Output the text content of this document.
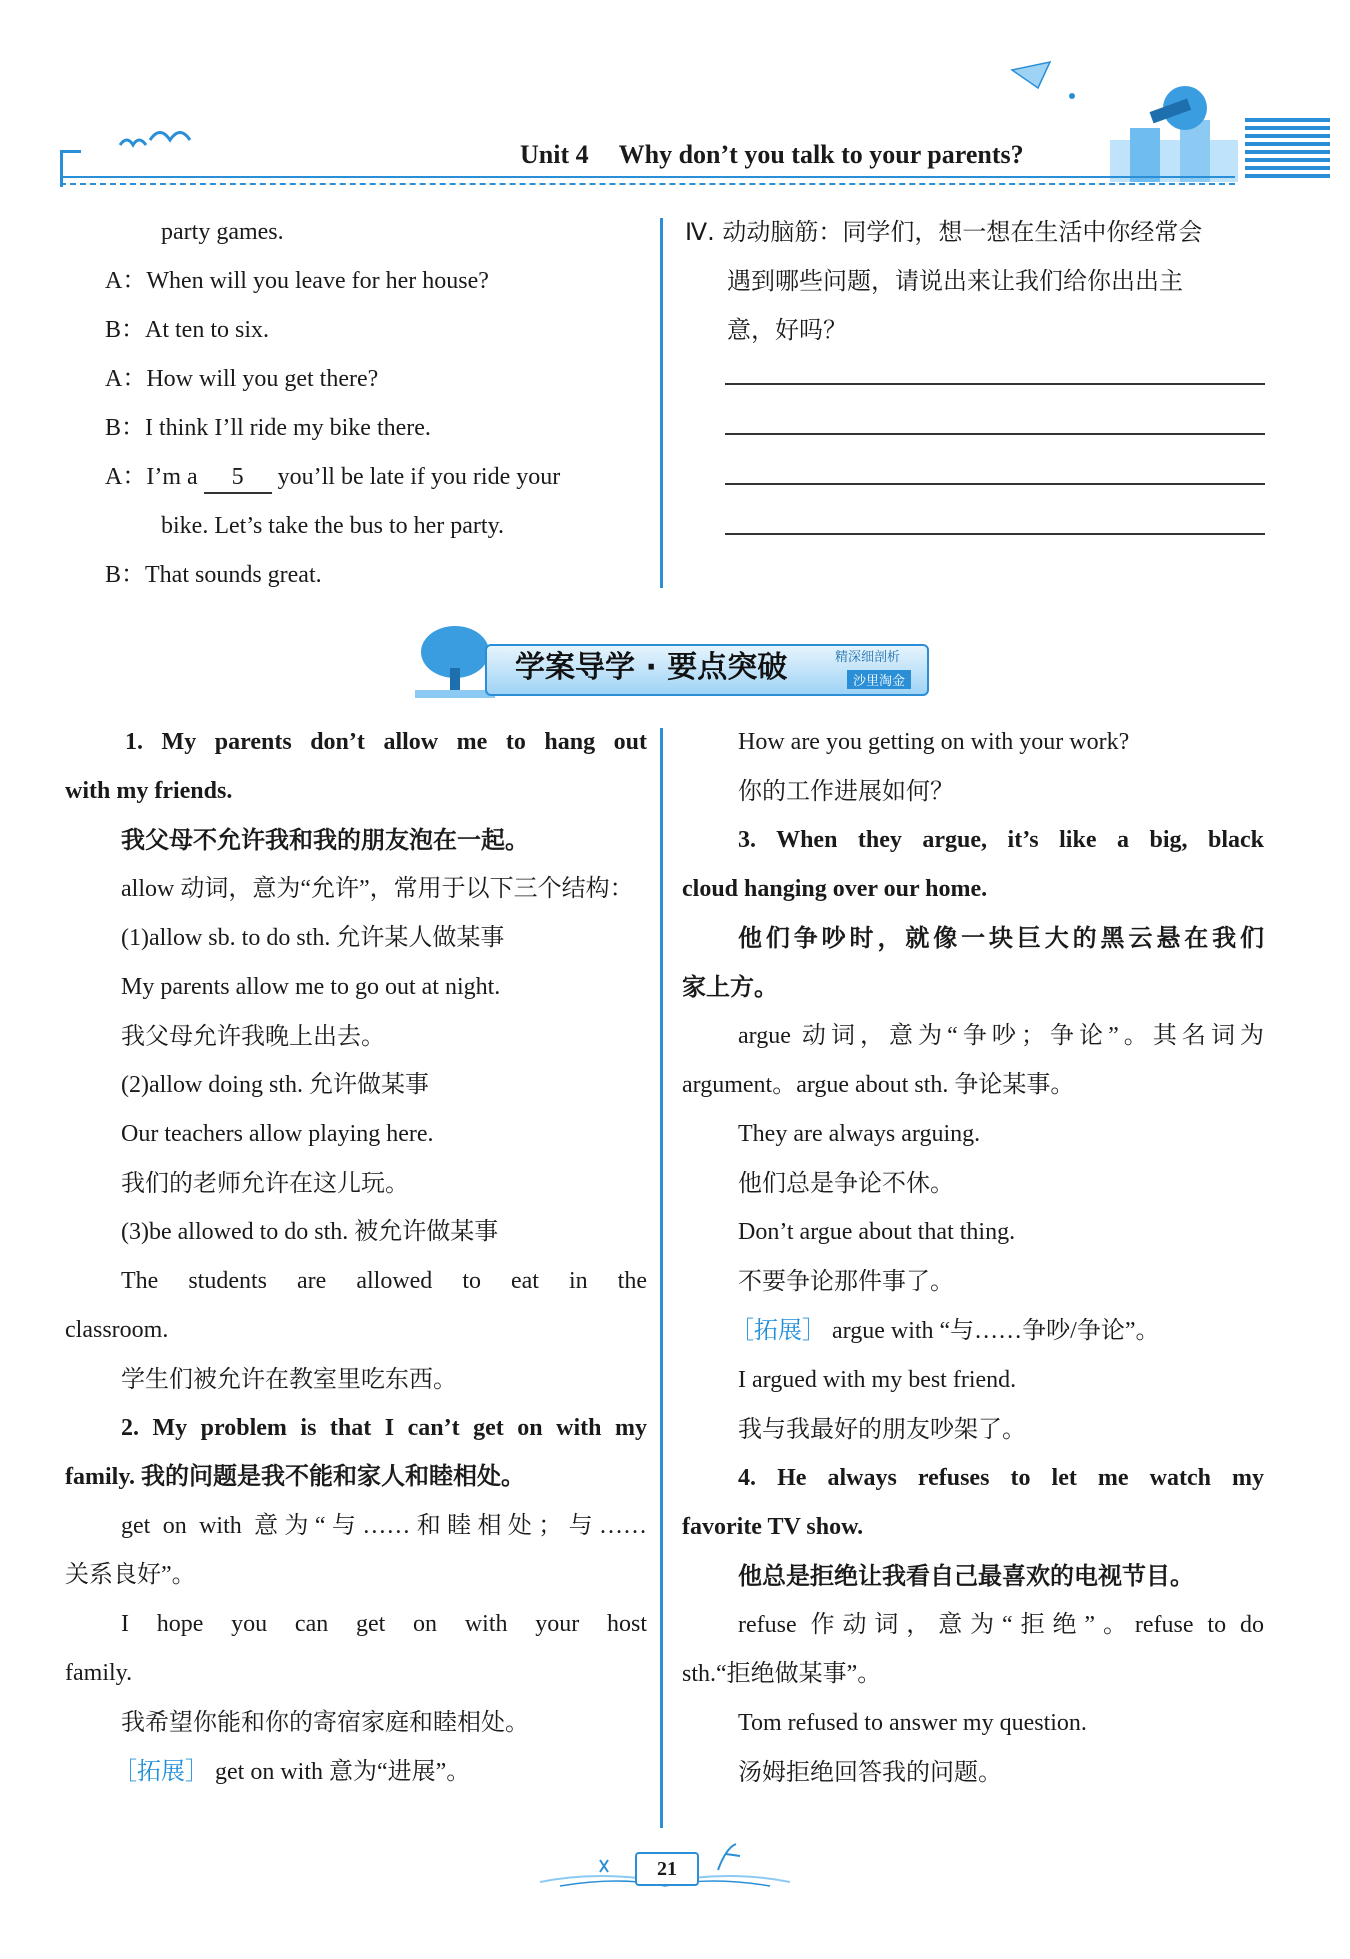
Unit 4 Why don’t you talk to your parents?

party games.

A：When will you leave for her house?

B：At ten to six.

A：How will you get there?

B：I think I’ll ride my bike there.

A：I’m a 5 you’ll be late if you ride your

bike. Let’s take the bus to her party.

B：That sounds great.

Ⅳ. 动动脑筋：同学们，想一想在生活中你经常会

遇到哪些问题，请说出来让我们给你出出主

意，好吗？

学案导学 · 要点突破	精深细剖析
沙里淘金

1. My parents don’t allow me to hang out

with my friends.

我父母不允许我和我的朋友泡在一起。

allow 动词，意为“允许”，常用于以下三个结构：

(1)allow sb. to do sth. 允许某人做某事

My parents allow me to go out at night.

我父母允许我晚上出去。

(2)allow doing sth. 允许做某事

Our teachers allow playing here.

我们的老师允许在这儿玩。

(3)be allowed to do sth. 被允许做某事

The students are allowed to eat in the

classroom.

学生们被允许在教室里吃东西。

2. My problem is that I can’t get on with my

family. 我的问题是我不能和家人和睦相处。

get on with 意为“与……和睦相处；与……

关系良好”。

I hope you can get on with your host

family.

我希望你能和你的寄宿家庭和睦相处。

［拓展］ get on with 意为“进展”。

How are you getting on with your work?

你的工作进展如何？

3. When they argue, it’s like a big, black

cloud hanging over our home.

他们争吵时，就像一块巨大的黑云悬在我们

家上方。

argue 动词，意为“争吵；争论”。其名词为

argument。argue about sth. 争论某事。

They are always arguing.

他们总是争论不休。

Don’t argue about that thing.

不要争论那件事了。

［拓展］ argue with “与……争吵/争论”。

I argued with my best friend.

我与我最好的朋友吵架了。

4. He always refuses to let me watch my

favorite TV show.

他总是拒绝让我看自己最喜欢的电视节目。

refuse 作动词，意为“拒绝”。refuse to do

sth.“拒绝做某事”。

Tom refused to answer my question.

汤姆拒绝回答我的问题。

21
